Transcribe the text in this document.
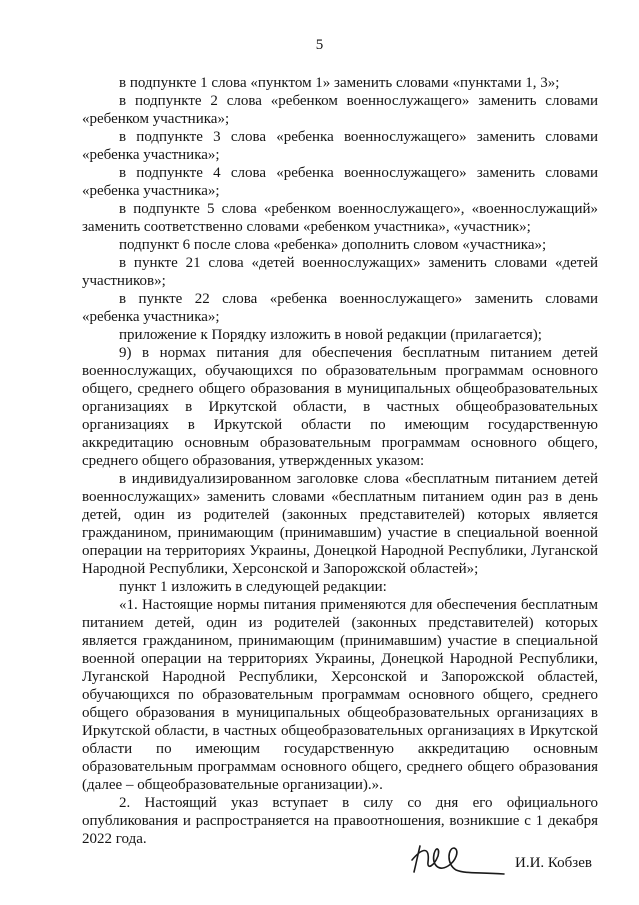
5

в подпункте 1 слова «пунктом 1» заменить словами «пунктами 1, 3»;

в подпункте 2 слова «ребенком военнослужащего» заменить словами «ребенком участника»;

в подпункте 3 слова «ребенка военнослужащего» заменить словами «ребенка участника»;

в подпункте 4 слова «ребенка военнослужащего» заменить словами «ребенка участника»;

в подпункте 5 слова «ребенком военнослужащего», «военнослужащий» заменить соответственно словами «ребенком участника», «участник»;

подпункт 6 после слова «ребенка» дополнить словом «участника»;

в пункте 21 слова «детей военнослужащих» заменить словами «детей участников»;

в пункте 22 слова «ребенка военнослужащего» заменить словами «ребенка участника»;

приложение к Порядку изложить в новой редакции (прилагается);

9) в нормах питания для обеспечения бесплатным питанием детей военнослужащих, обучающихся по образовательным программам основного общего, среднего общего образования в муниципальных общеобразовательных организациях в Иркутской области, в частных общеобразовательных организациях в Иркутской области по имеющим государственную аккредитацию основным образовательным программам основного общего, среднего общего образования, утвержденных указом:

в индивидуализированном заголовке слова «бесплатным питанием детей военнослужащих» заменить словами «бесплатным питанием один раз в день детей, один из родителей (законных представителей) которых является гражданином, принимающим (принимавшим) участие в специальной военной операции на территориях Украины, Донецкой Народной Республики, Луганской Народной Республики, Херсонской и Запорожской областей»;

пункт 1 изложить в следующей редакции:

«1. Настоящие нормы питания применяются для обеспечения бесплатным питанием детей, один из родителей (законных представителей) которых является гражданином, принимающим (принимавшим) участие в специальной военной операции на территориях Украины, Донецкой Народной Республики, Луганской Народной Республики, Херсонской и Запорожской областей, обучающихся по образовательным программам основного общего, среднего общего образования в муниципальных общеобразовательных организациях в Иркутской области, в частных общеобразовательных организациях в Иркутской области по имеющим государственную аккредитацию основным образовательным программам основного общего, среднего общего образования (далее – общеобразовательные организации).».

2. Настоящий указ вступает в силу со дня его официального опубликования и распространяется на правоотношения, возникшие с 1 декабря 2022 года.

И.И. Кобзев
